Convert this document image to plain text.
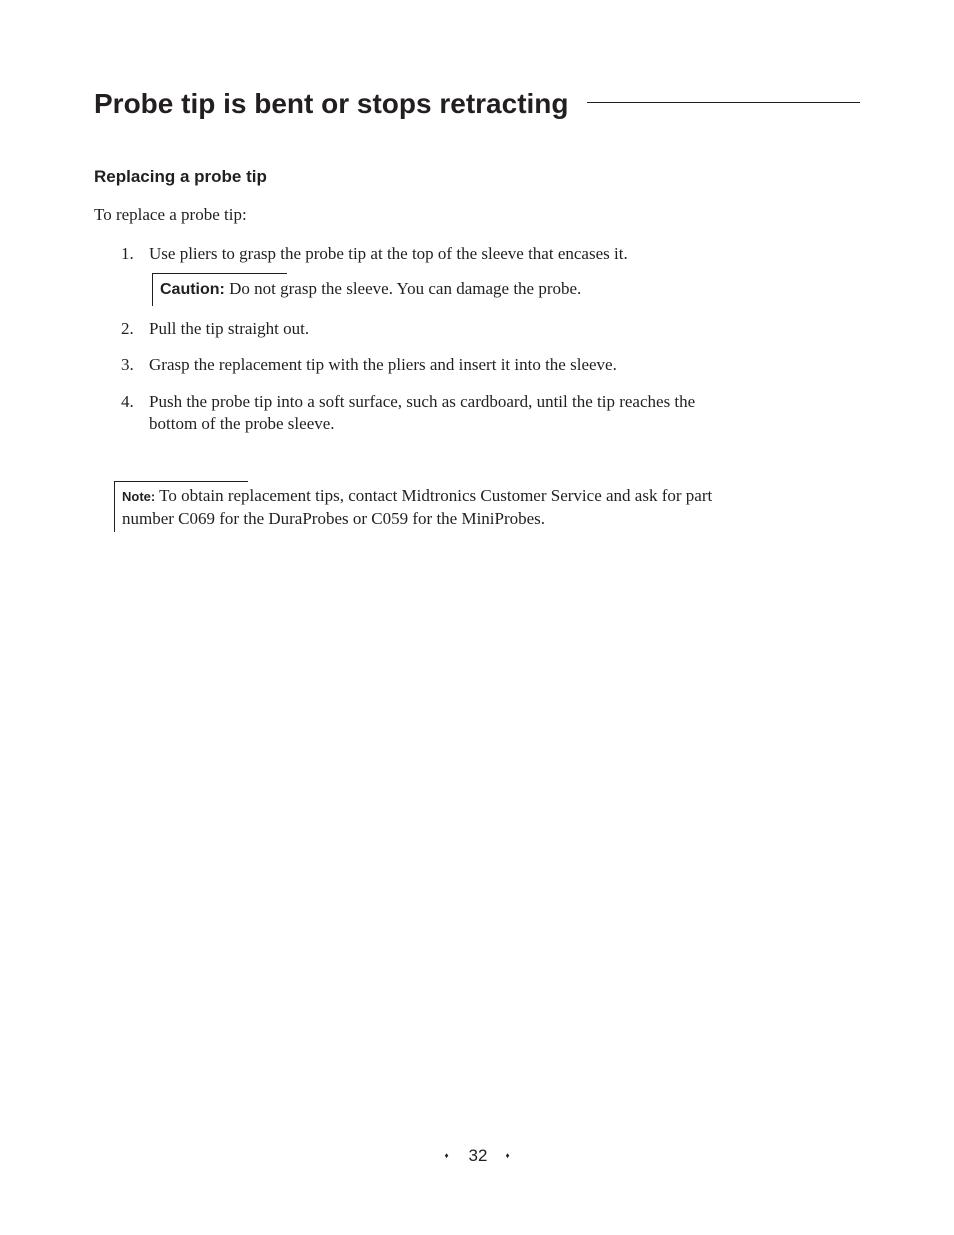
Probe tip is bent or stops retracting
Replacing a probe tip

To replace a probe tip:

1. Use pliers to grasp the probe tip at the top of the sleeve that encases it.
Caution: Do not grasp the sleeve. You can damage the probe.
2. Pull the tip straight out.
3. Grasp the replacement tip with the pliers and insert it into the sleeve.
4. Push the probe tip into a soft surface, such as cardboard, until the tip reaches the bottom of the probe sleeve.
Note: To obtain replacement tips, contact Midtronics Customer Service and ask for part number C069 for the DuraProbes or C059 for the MiniProbes.
♦ 32 ♦
